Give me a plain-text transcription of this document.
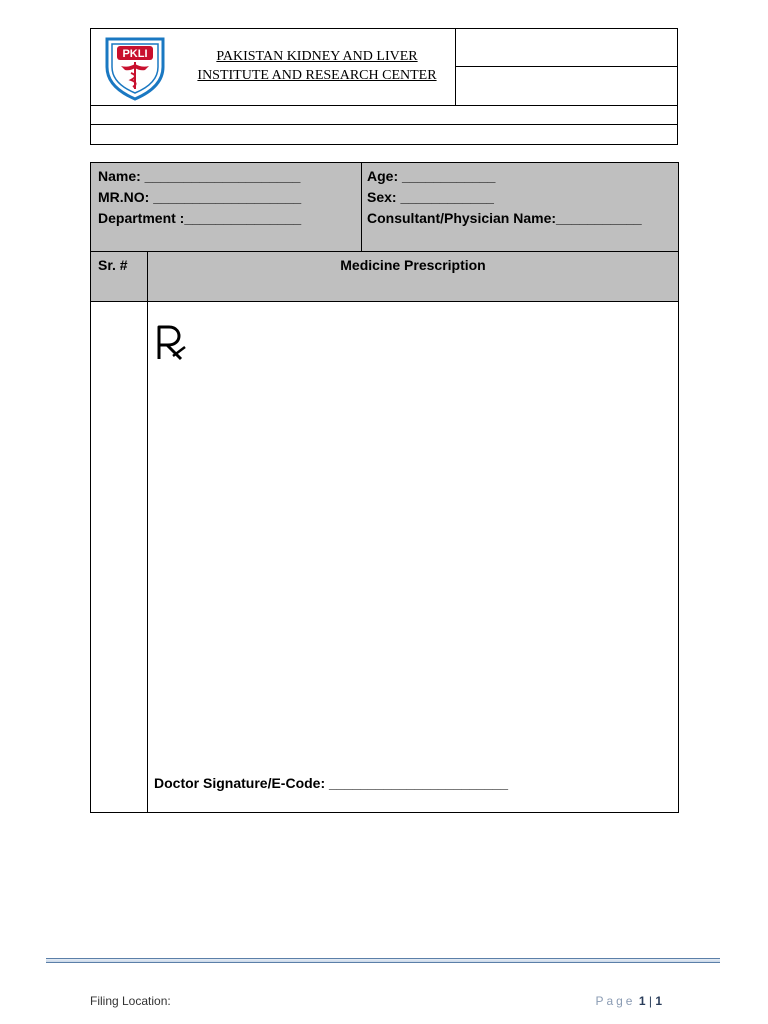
PKLI	PAKISTAN KIDNEY AND LIVER
INSTITUTE AND RESEARCH CENTER
Name: ____________________
MR.NO: ___________________
Department :_______________
Age: ____________
Sex: ____________
Consultant/Physician Name:___________
Sr. #	Medicine Prescription
Doctor Signature/E-Code: _______________________
Filing Location:	Page 1 | 1
